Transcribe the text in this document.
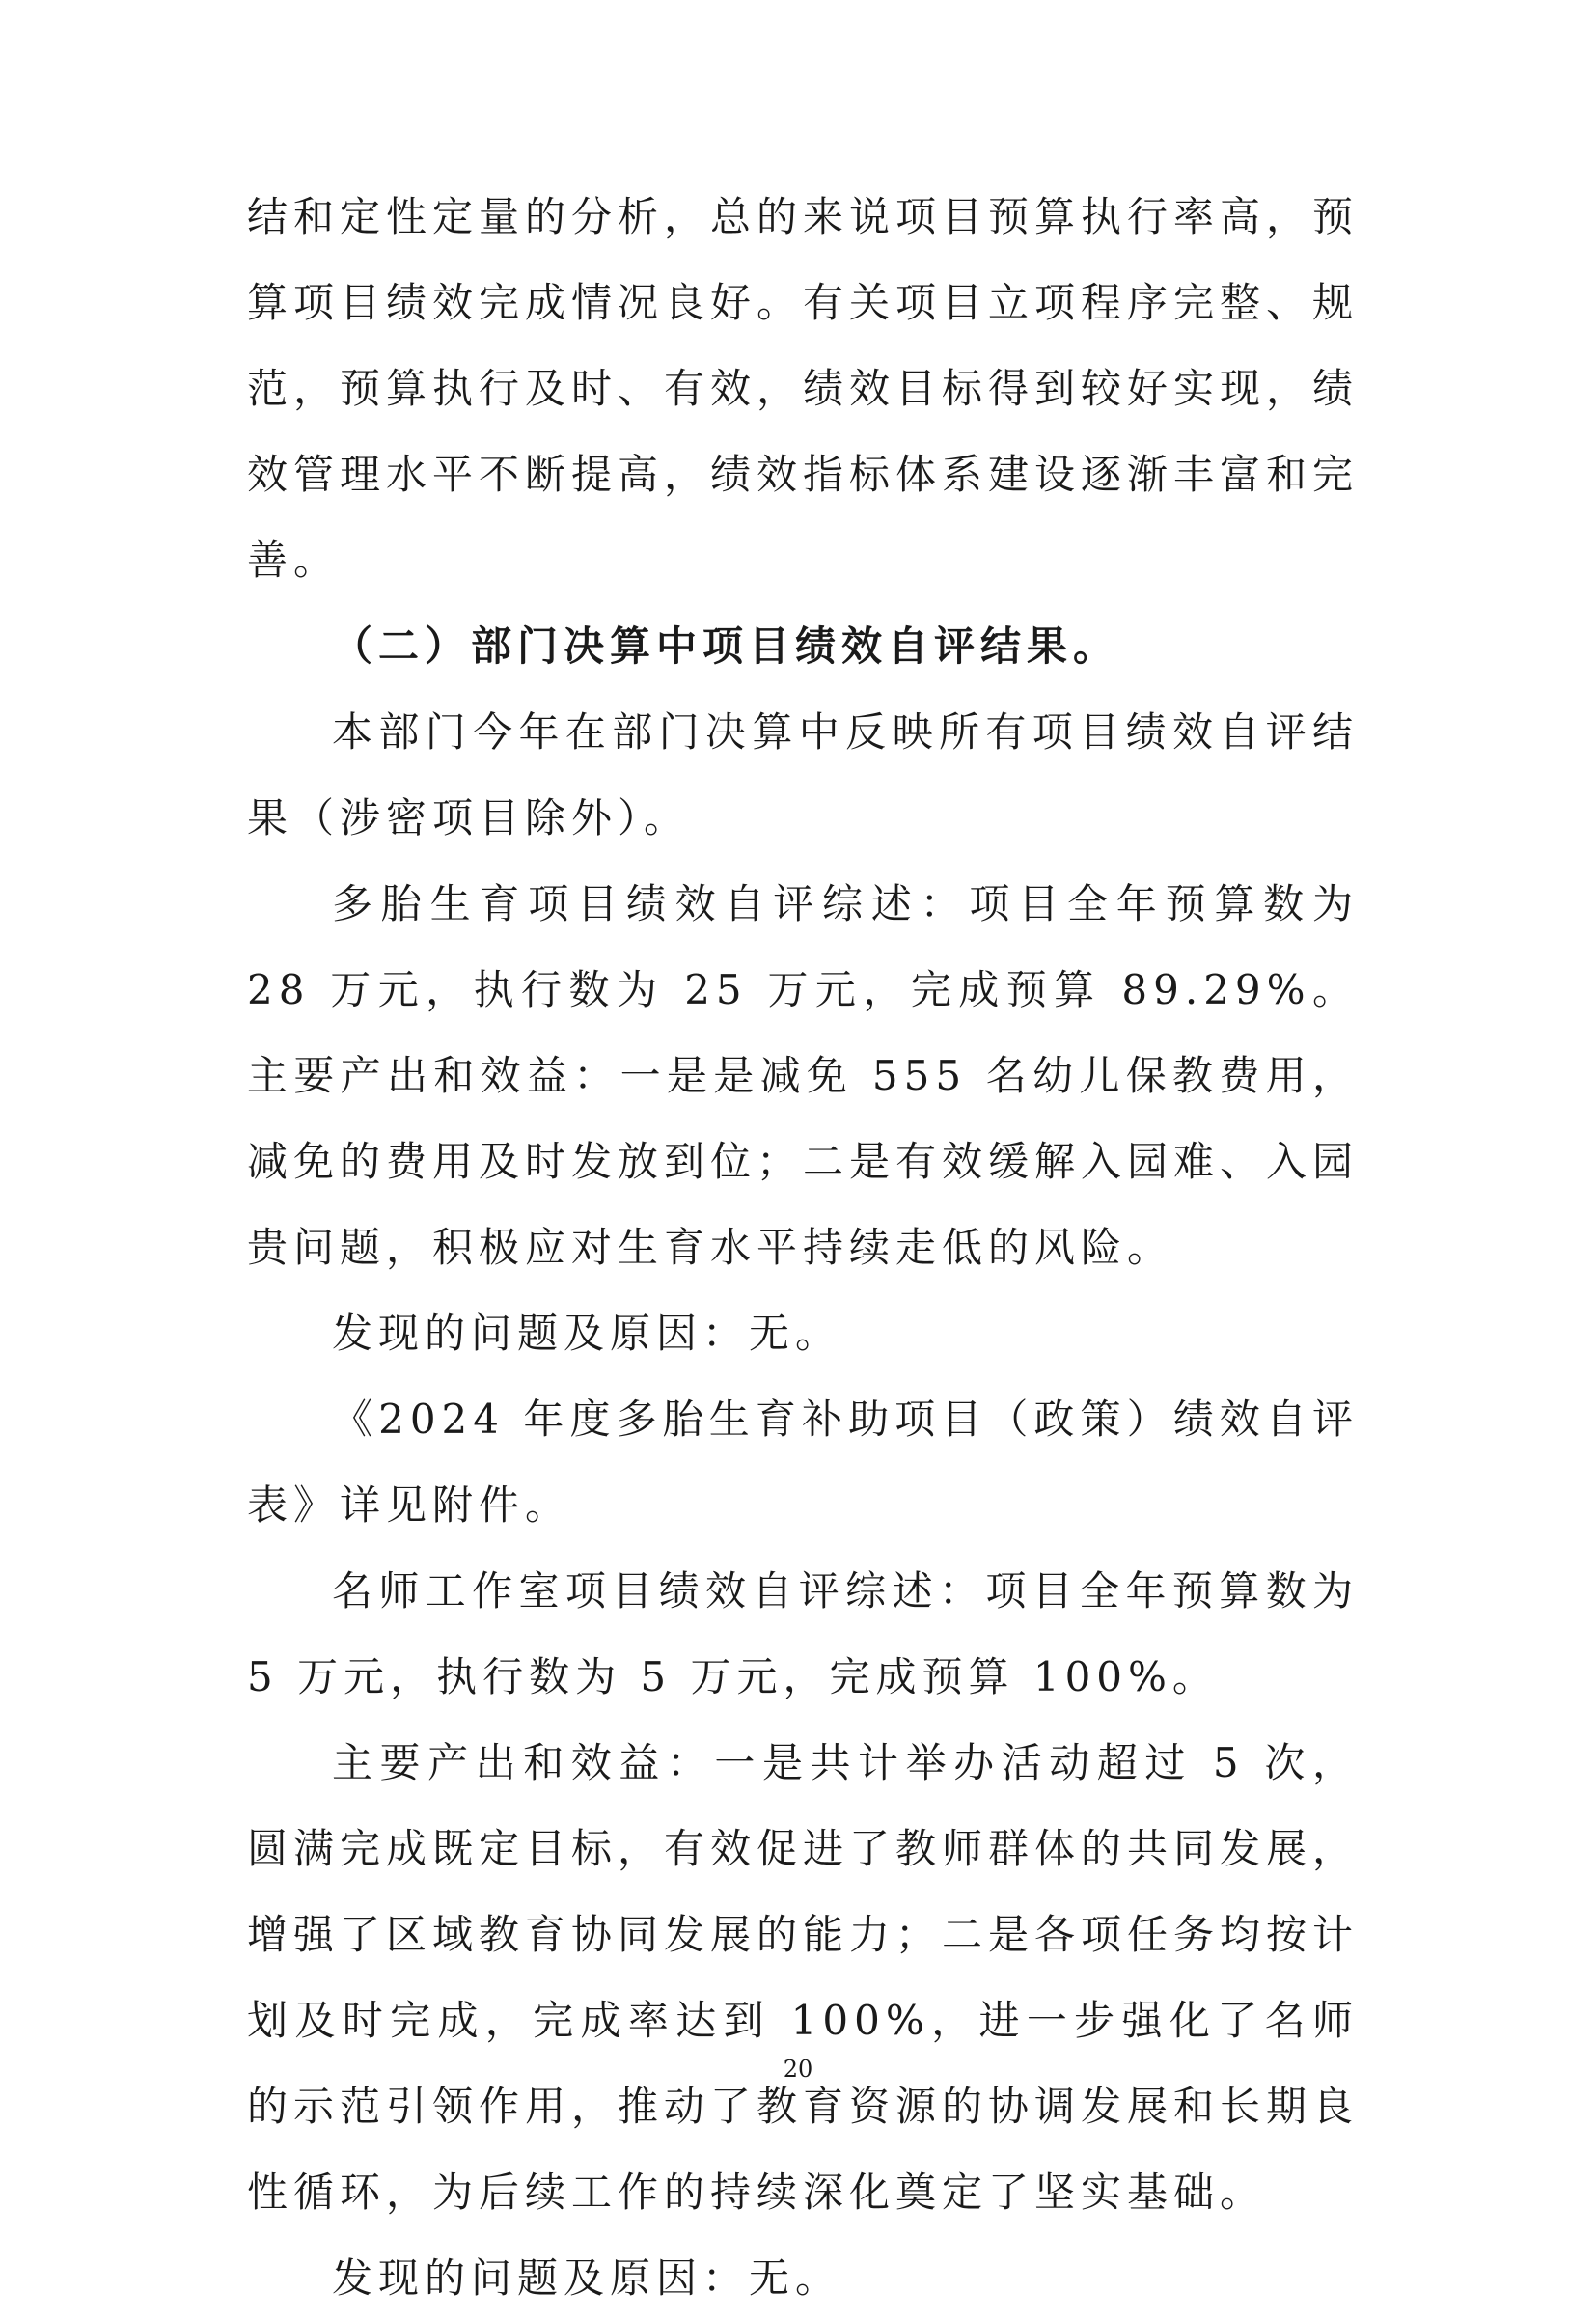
结和定性定量的分析，总的来说项目预算执行率高，预算项目绩效完成情况良好。有关项目立项程序完整、规范，预算执行及时、有效，绩效目标得到较好实现，绩效管理水平不断提高，绩效指标体系建设逐渐丰富和完善。

（二）部门决算中项目绩效自评结果。

本部门今年在部门决算中反映所有项目绩效自评结果（涉密项目除外）。

多胎生育项目绩效自评综述：项目全年预算数为 28 万元，执行数为 25 万元，完成预算 89.29%。主要产出和效益：一是是减免 555 名幼儿保教费用，减免的费用及时发放到位；二是有效缓解入园难、入园贵问题，积极应对生育水平持续走低的风险。

发现的问题及原因：无。

《2024 年度多胎生育补助项目（政策）绩效自评表》详见附件。

名师工作室项目绩效自评综述：项目全年预算数为 5 万元，执行数为 5 万元，完成预算 100%。

主要产出和效益：一是共计举办活动超过 5 次，圆满完成既定目标，有效促进了教师群体的共同发展，增强了区域教育协同发展的能力；二是各项任务均按计划及时完成，完成率达到 100%，进一步强化了名师的示范引领作用，推动了教育资源的协调发展和长期良性循环，为后续工作的持续深化奠定了坚实基础。

发现的问题及原因：无。

20
